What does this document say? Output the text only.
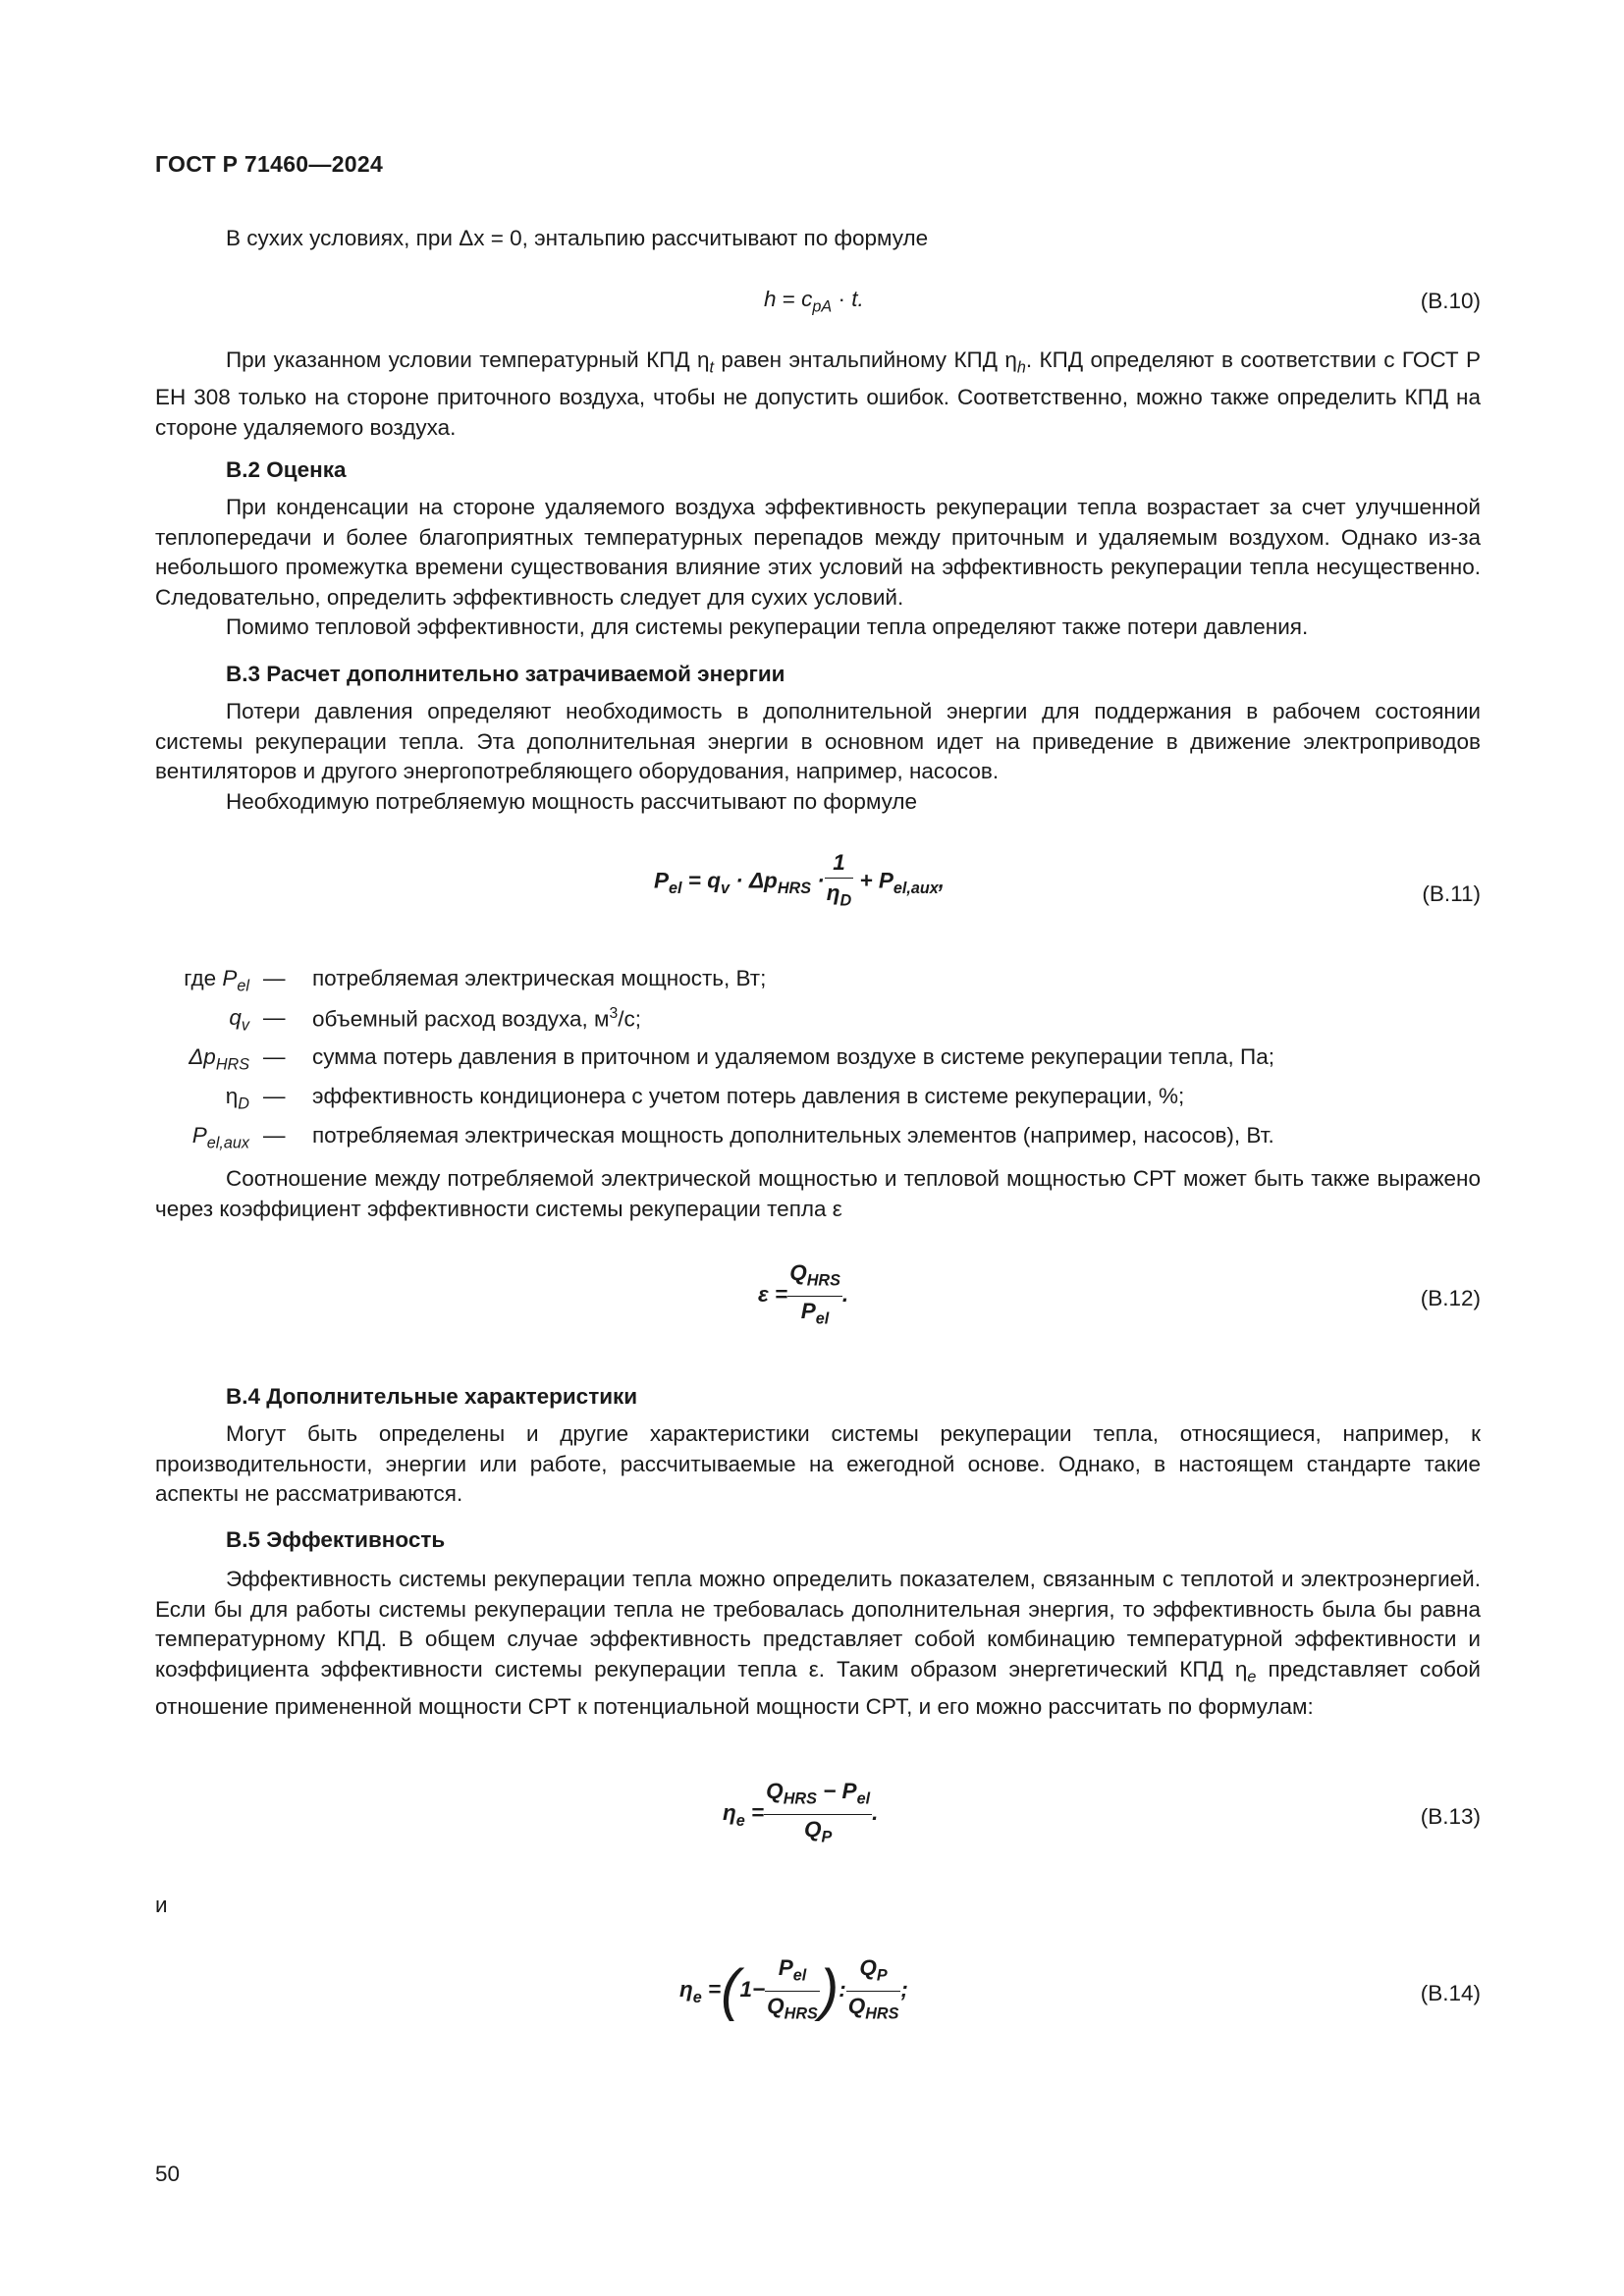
ГОСТ Р 71460—2024
В сухих условиях, при Δx = 0, энтальпию рассчитывают по формуле
$h = c_{pA} \cdot t$.	(В.10)
При указанном условии температурный КПД $\eta_t$ равен энтальпийному КПД $\eta_h$. КПД определяют в соответствии с ГОСТ Р ЕН 308 только на стороне приточного воздуха, чтобы не допустить ошибок. Соответственно, можно также определить КПД на стороне удаляемого воздуха.
В.2 Оценка
При конденсации на стороне удаляемого воздуха эффективность рекуперации тепла возрастает за счет улучшенной теплопередачи и более благоприятных температурных перепадов между приточным и удаляемым воздухом. Однако из-за небольшого промежутка времени существования влияние этих условий на эффективность рекуперации тепла несущественно. Следовательно, определить эффективность следует для сухих условий.
Помимо тепловой эффективности, для системы рекуперации тепла определяют также потери давления.
В.3 Расчет дополнительно затрачиваемой энергии
Потери давления определяют необходимость в дополнительной энергии для поддержания в рабочем состоянии системы рекуперации тепла. Эта дополнительная энергии в основном идет на приведение в движение электроприводов вентиляторов и другого энергопотребляющего оборудования, например, насосов.
Необходимую потребляемую мощность рассчитывают по формуле
$P_{el} = q_v \cdot \Delta p_{HRS} \cdot \frac{1}{\eta_D} + P_{el,aux}$,
(В.11)
где $P_{el}$ — потребляемая электрическая мощность, Вт;
$q_v$ — объемный расход воздуха, $м^3/с$;
$\Delta p_{HRS}$ — сумма потерь давления в приточном и удаляемом воздухе в системе рекуперации тепла, Па;
$\eta_D$ — эффективность кондиционера с учетом потерь давления в системе рекуперации, %;
$P_{el,aux}$ — потребляемая электрическая мощность дополнительных элементов (например, насосов), Вт.
Соотношение между потребляемой электрической мощностью и тепловой мощностью СРТ может быть также выражено через коэффициент эффективности системы рекуперации тепла ε
$\varepsilon = \frac{Q_{HRS}}{P_{el}}$ .	(В.12)
В.4 Дополнительные характеристики
Могут быть определены и другие характеристики системы рекуперации тепла, относящиеся, например, к производительности, энергии или работе, рассчитываемые на ежегодной основе. Однако, в настоящем стандарте такие аспекты не рассматриваются.
В.5 Эффективность
Эффективность системы рекуперации тепла можно определить показателем, связанным с теплотой и электроэнергией. Если бы для работы системы рекуперации тепла не требовалась дополнительная энергия, то эффективность была бы равна температурному КПД. В общем случае эффективность представляет собой комбинацию температурной эффективности и коэффициента эффективности системы рекуперации тепла ε. Таким образом энергетический КПД $\eta_e$ представляет собой отношение примененной мощности СРТ к потенциальной мощности СРТ, и его можно рассчитать по формулам:
$\eta_e = \frac{Q_{HRS} - P_{el}}{Q_P}$ .	(В.13)
и
$\eta_e =(1- \frac{P_{el}}{Q_{HRS}}$ ): $\frac{Q_P}{Q_{HRS}}$ ;	(В.14)
50
